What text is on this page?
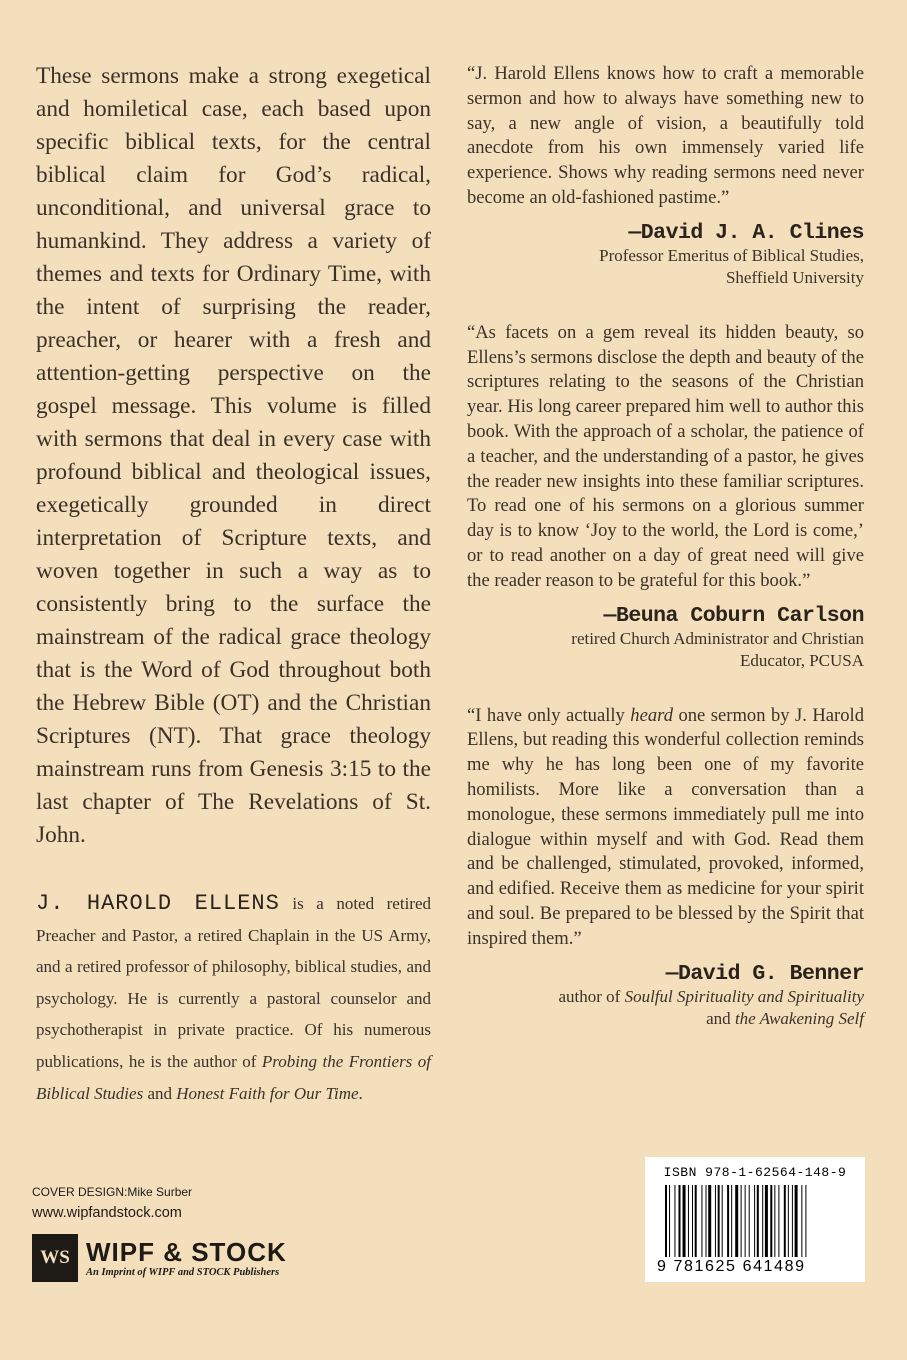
These sermons make a strong exegetical and homiletical case, each based upon specific biblical texts, for the central biblical claim for God’s radical, unconditional, and universal grace to humankind. They address a variety of themes and texts for Ordinary Time, with the intent of surprising the reader, preacher, or hearer with a fresh and attention-getting perspective on the gospel message. This volume is filled with sermons that deal in every case with profound biblical and theological issues, exegetically grounded in direct interpretation of Scripture texts, and woven together in such a way as to consistently bring to the surface the mainstream of the radical grace theology that is the Word of God throughout both the Hebrew Bible (OT) and the Christian Scriptures (NT). That grace theology mainstream runs from Genesis 3:15 to the last chapter of The Revelations of St. John.

J. HAROLD ELLENS is a noted retired Preacher and Pastor, a retired Chaplain in the US Army, and a retired professor of philosophy, biblical studies, and psychology. He is currently a pastoral counselor and psychotherapist in private practice. Of his numerous publications, he is the author of Probing the Frontiers of Biblical Studies and Honest Faith for Our Time.

“J. Harold Ellens knows how to craft a memorable sermon and how to always have something new to say, a new angle of vision, a beautifully told anecdote from his own immensely varied life experience. Shows why reading sermons need never become an old-fashioned pastime.”

—David J. A. Clines
Professor Emeritus of Biblical Studies,
Sheffield University

“As facets on a gem reveal its hidden beauty, so Ellens’s sermons disclose the depth and beauty of the scriptures relating to the seasons of the Christian year. His long career prepared him well to author this book. With the approach of a scholar, the patience of a teacher, and the understanding of a pastor, he gives the reader new insights into these familiar scriptures. To read one of his sermons on a glorious summer day is to know ‘Joy to the world, the Lord is come,’ or to read another on a day of great need will give the reader reason to be grateful for this book.”

—Beuna Coburn Carlson
retired Church Administrator and Christian
Educator, PCUSA

“I have only actually heard one sermon by J. Harold Ellens, but reading this wonderful collection reminds me why he has long been one of my favorite homilists. More like a conversation than a monologue, these sermons immediately pull me into dialogue within myself and with God. Read them and be challenged, stimulated, provoked, informed, and edified. Receive them as medicine for your spirit and soul. Be prepared to be blessed by the Spirit that inspired them.”

—David G. Benner
author of Soulful Spirituality and Spirituality
and the Awakening Self
COVER DESIGN:Mike Surber
www.wipfandstock.com
WS WIPF & STOCK
An Imprint of WIPF and STOCK Publishers
ISBN 978-1-62564-148-9
9 781625 641489
